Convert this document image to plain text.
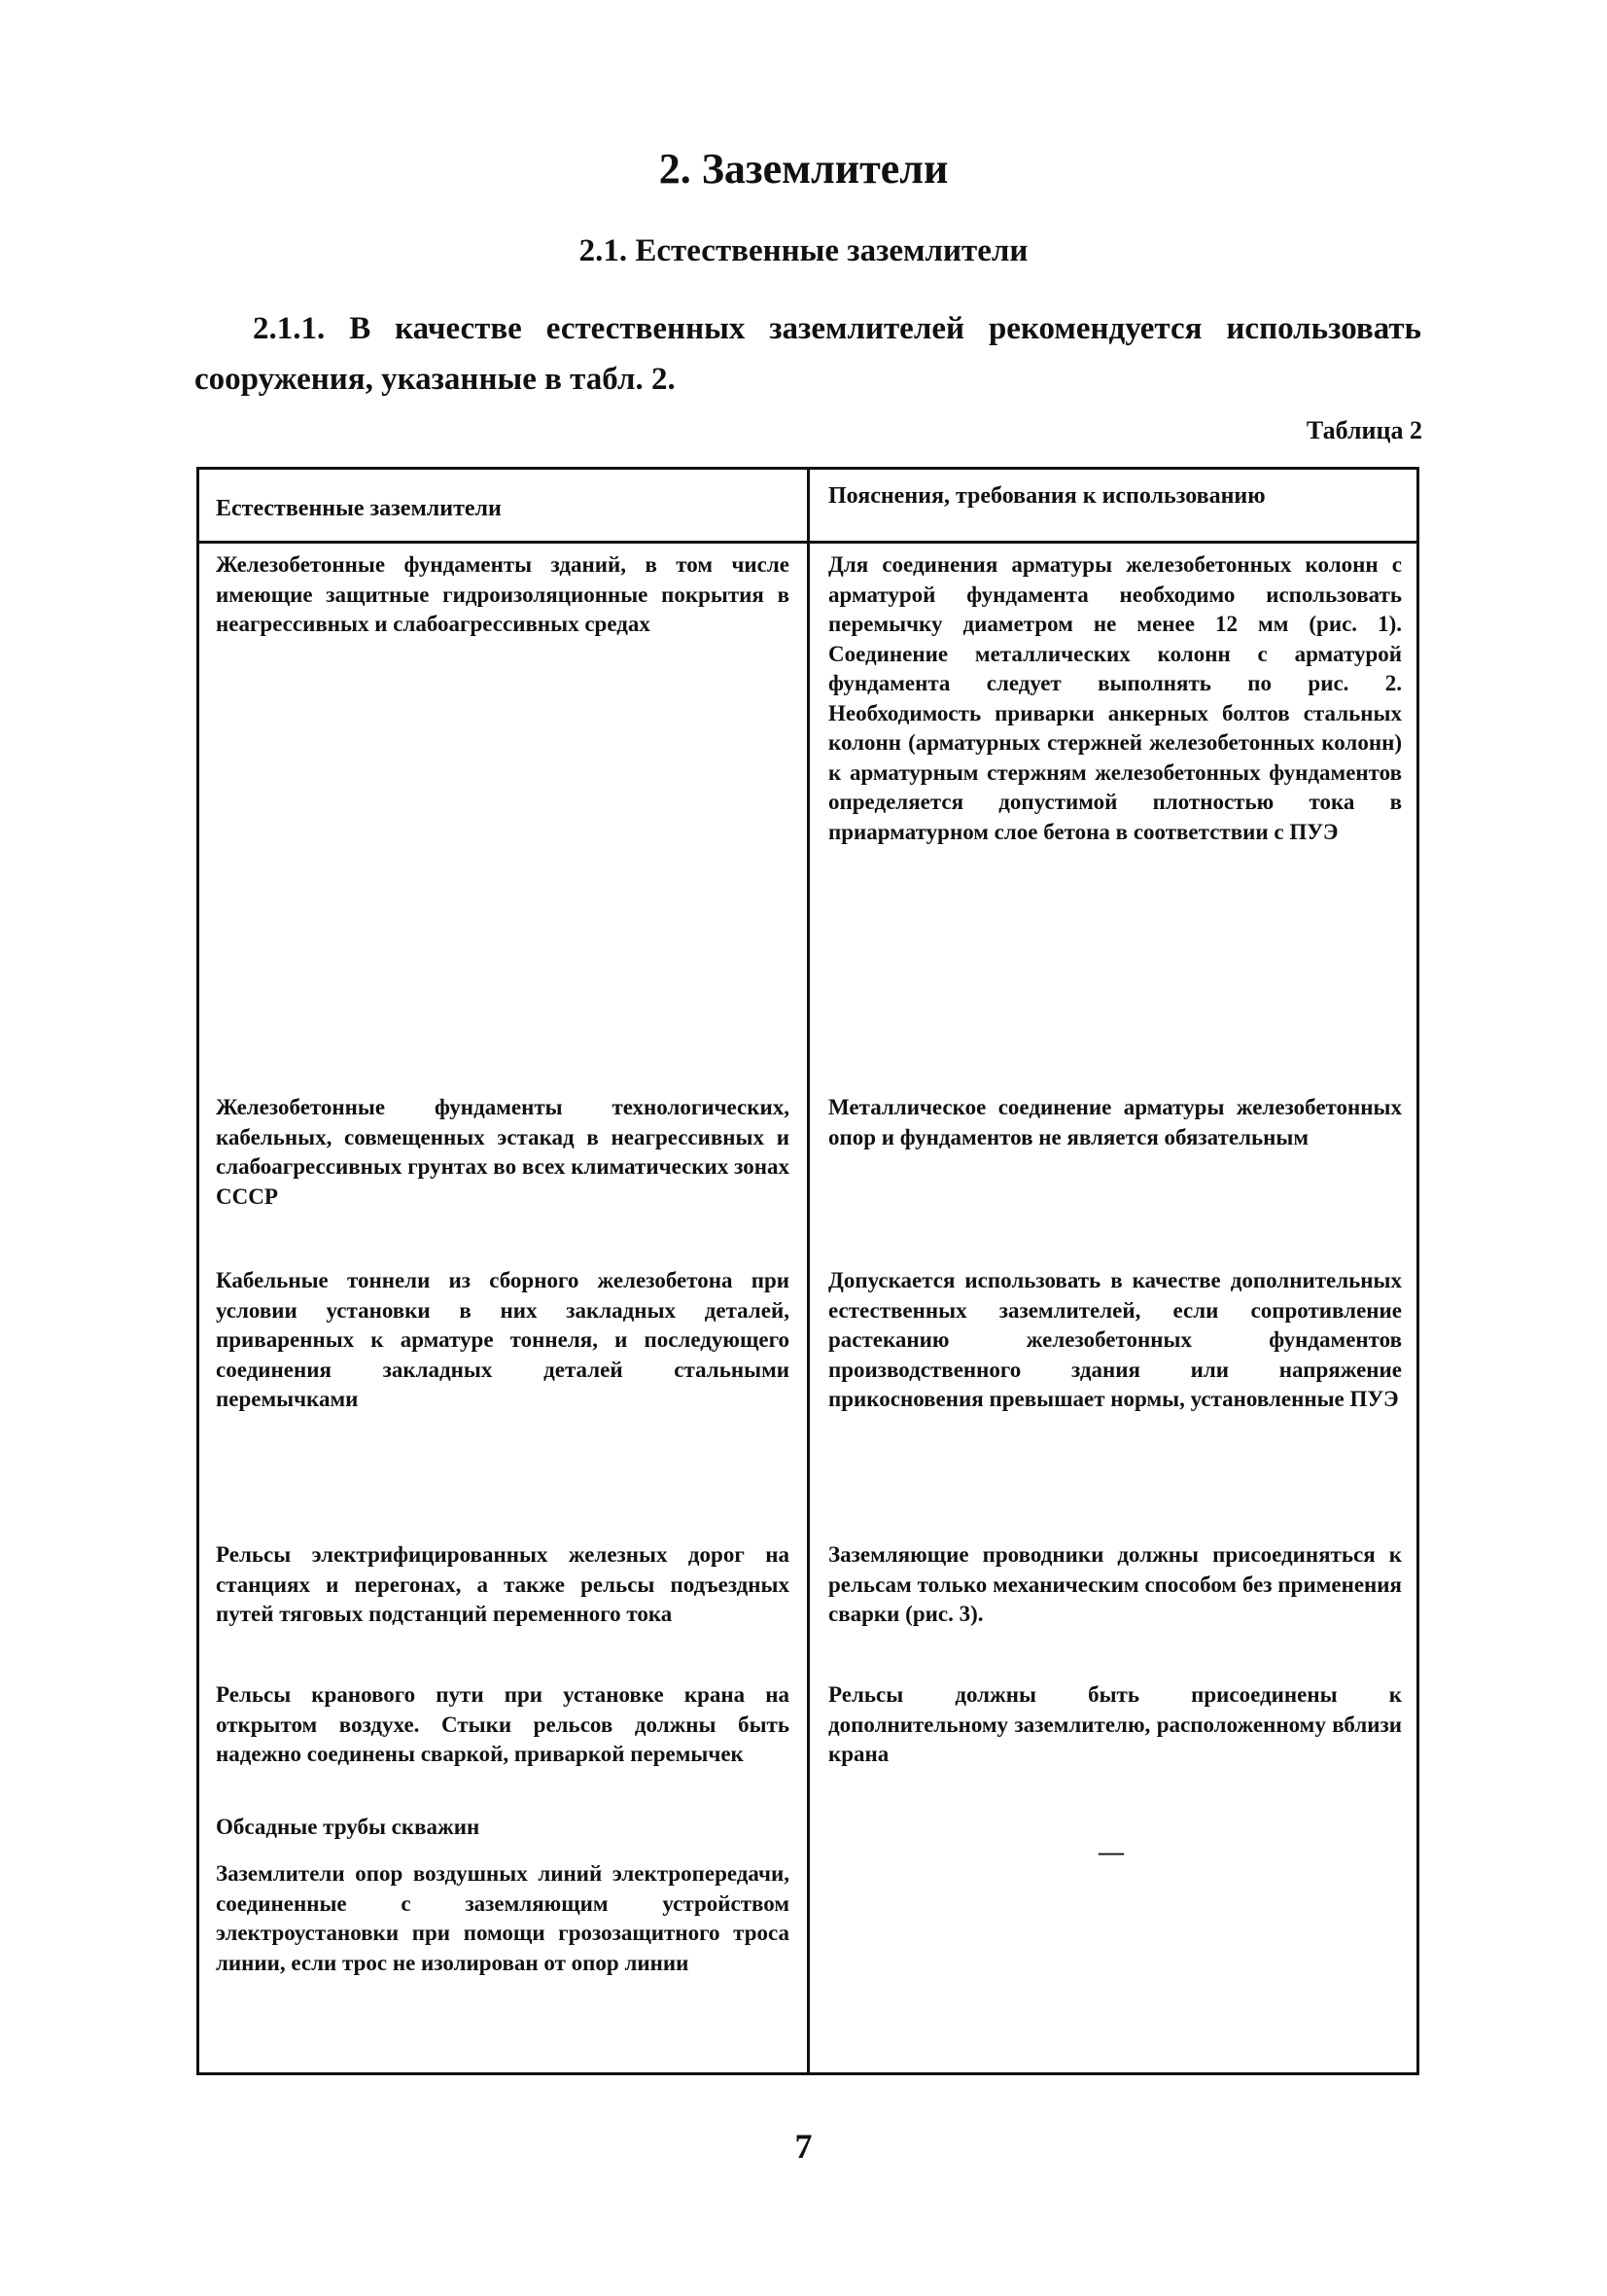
2. Заземлители
2.1. Естественные заземлители

2.1.1. В качестве естественных заземлителей рекомендуется использовать сооружения, указанные в табл. 2.

Таблица 2

Естественные заземлители	Пояснения, требования к использованию

Железобетонные фундаменты зданий, в том числе имеющие защитные гидроизоляционные покрытия в неагрессивных и слабоагрессивных средах

Для соединения арматуры железобетонных колонн с арматурой фундамента необходимо использовать перемычку диаметром не менее 12 мм (рис. 1). Соединение металлических колонн с арматурой фундамента следует выполнять по рис. 2. Необходимость приварки анкерных болтов стальных колонн (арматурных стержней железобетонных колонн) к арматурным стержням железобетонных фундаментов определяется допустимой плотностью тока в приарматурном слое бетона в соответствии с ПУЭ

Железобетонные фундаменты технологических, кабельных, совмещенных эстакад в неагрессивных и слабоагрессивных грунтах во всех климатических зонах СССР

Металлическое соединение арматуры железобетонных опор и фундаментов не является обязательным

Кабельные тоннели из сборного железобетона при условии установки в них закладных деталей, приваренных к арматуре тоннеля, и последующего соединения закладных деталей стальными перемычками

Допускается использовать в качестве дополнительных естественных заземлителей, если сопротивление растеканию железобетонных фундаментов производственного здания или напряжение прикосновения превышает нормы, установленные ПУЭ

Рельсы электрифицированных железных дорог на станциях и перегонах, а также рельсы подъездных путей тяговых подстанций переменного тока

Заземляющие проводники должны присоединяться к рельсам только механическим способом без применения сварки (рис. 3).

Рельсы кранового пути при установке крана на открытом воздухе. Стыки рельсов должны быть надежно соединены сваркой, приваркой перемычек

Рельсы должны быть присоединены к дополнительному заземлителю, расположенному вблизи крана

Обсадные трубы скважин

—

Заземлители опор воздушных линий электропередачи, соединенные с заземляющим устройством электроустановки при помощи грозозащитного троса линии, если трос не изолирован от опор линии

7
